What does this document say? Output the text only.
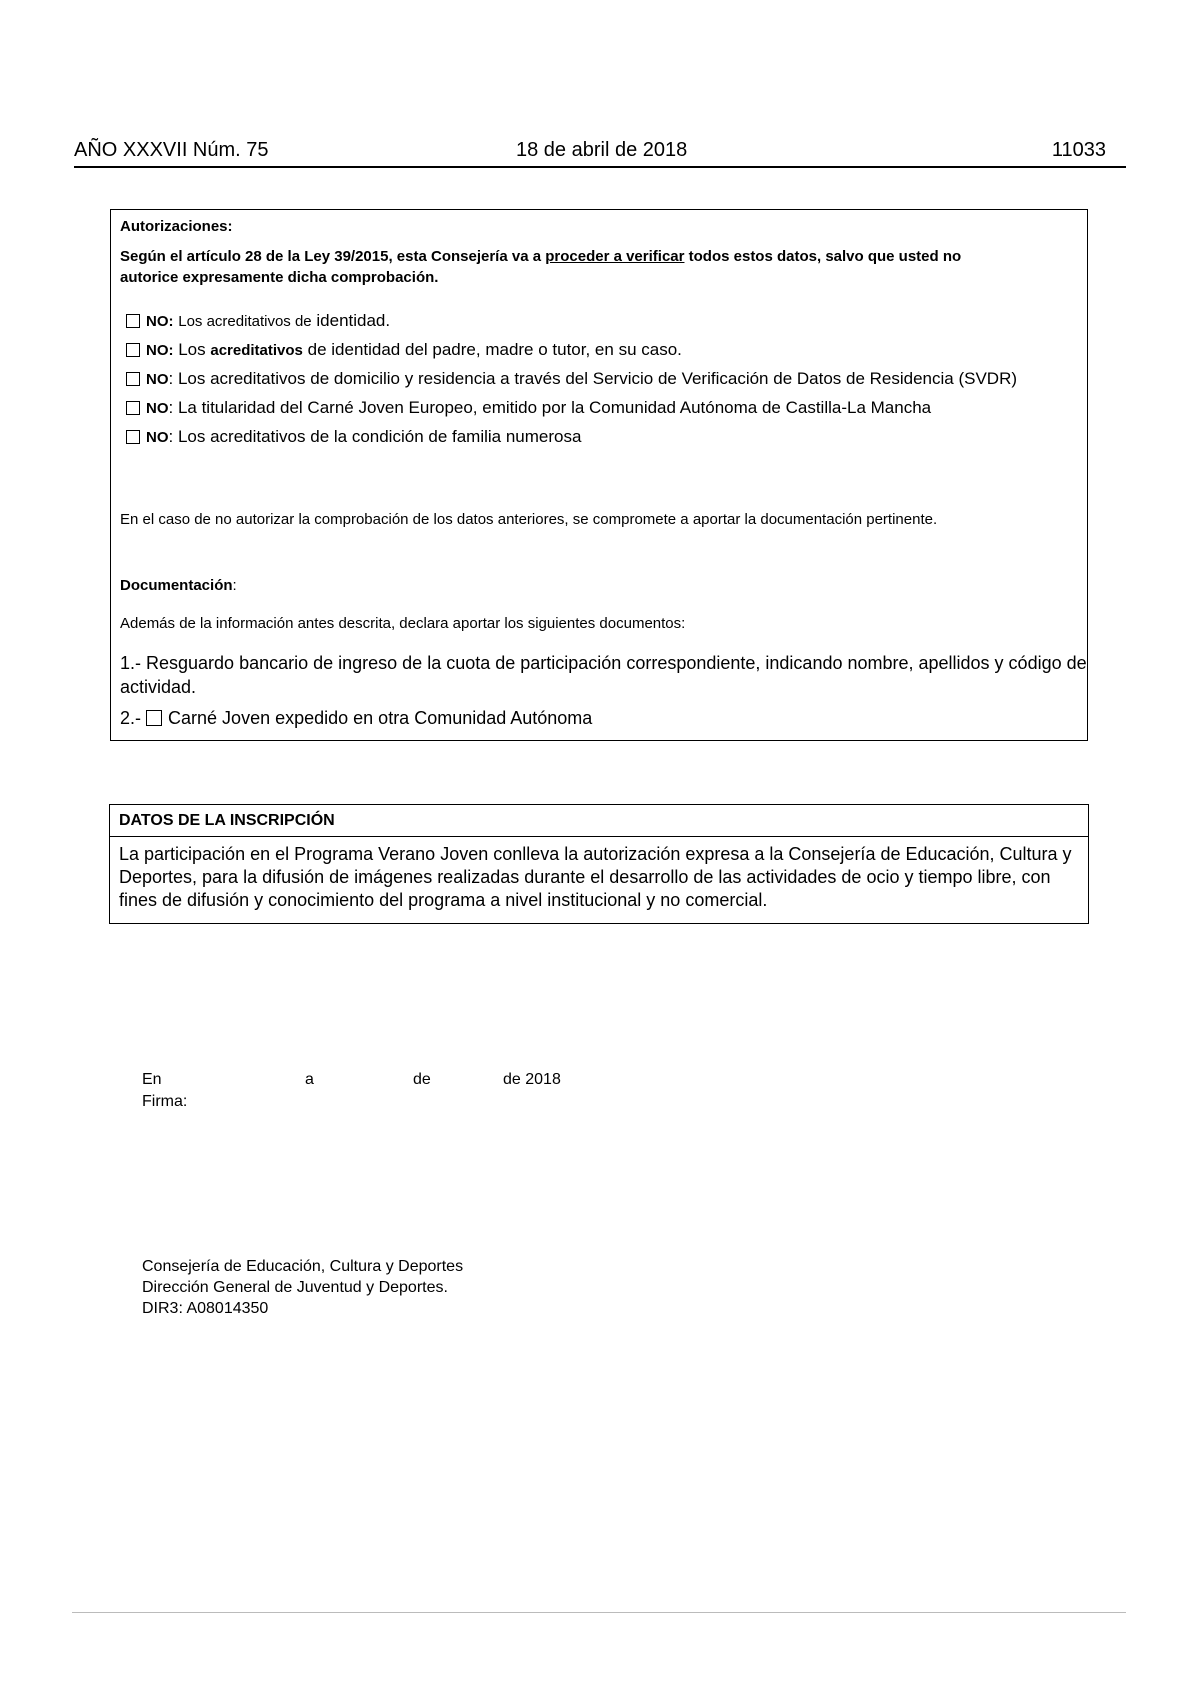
AÑO XXXVII Núm. 75	18 de abril de 2018	11033
Autorizaciones:
Según el artículo 28 de la Ley 39/2015, esta Consejería va a proceder a verificar todos estos datos, salvo que usted no
autorice expresamente dicha comprobación.
NO: Los acreditativos de identidad.
NO: Los acreditativos de identidad del padre, madre o tutor, en su caso.
NO: Los acreditativos de domicilio y residencia a través del Servicio de Verificación de Datos de Residencia (SVDR)
NO: La titularidad del Carné Joven Europeo, emitido por la Comunidad Autónoma de Castilla-La Mancha
NO: Los acreditativos de la condición de familia numerosa
En el caso de no autorizar la comprobación de los datos anteriores, se compromete a aportar la documentación pertinente.
Documentación:
Además de la información antes descrita, declara aportar los siguientes documentos:
1.- Resguardo bancario de ingreso de la cuota de participación correspondiente, indicando nombre, apellidos y código de
actividad.
2.- Carné Joven expedido en otra Comunidad Autónoma
DATOS DE LA INSCRIPCIÓN
La participación en el Programa Verano Joven conlleva la autorización expresa a la Consejería de Educación, Cultura y
Deportes, para la difusión de imágenes realizadas durante el desarrollo de las actividades de ocio y tiempo libre, con
fines de difusión y conocimiento del programa a nivel institucional y no comercial.
En	a	de	de 2018
Firma:
Consejería de Educación, Cultura y Deportes
Dirección General de Juventud y Deportes.
DIR3: A08014350
